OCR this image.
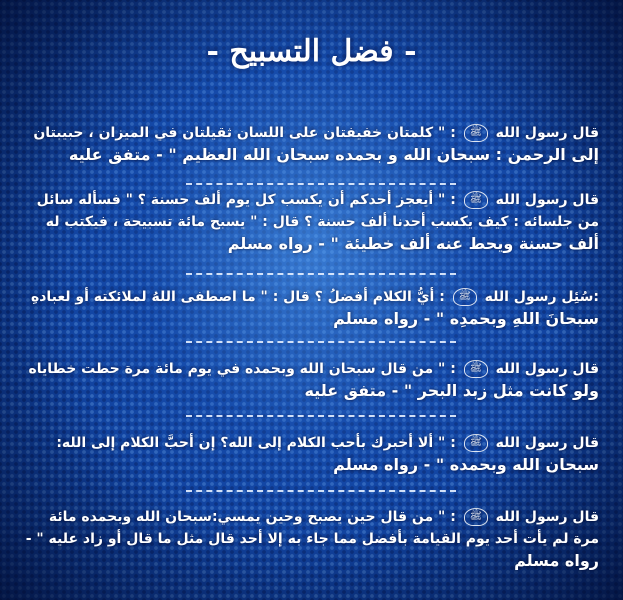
- فضل التسبيح -
قال رسول الله ﷺ : " كلمتان خفيفتان على اللسان ثقيلتان في الميزان ، حبيبتان
إلى الرحمن : سبحان الله و بحمده سبحان الله العظيم " - متفق عليه
قال رسول الله ﷺ : " أيعجز أحدكم أن يكسب كل يوم ألف حسنة ؟ " فسأله سائل
من جلسائه : كيف يكسب أحدنا ألف حسنة ؟ قال : " يسبح مائة تسبيحة ، فيكتب له
ألف حسنة ويحط عنه ألف خطيئة " - رواه مسلم
:سُئِل رسول الله ﷺ : أيُّ الكلام أفضلُ ؟ قال : " ما اصطفى اللهُ لملائكته أو لعبادهِ
سبحانَ اللهِ وبحمدِه " - رواه مسلم
قال رسول الله ﷺ : " من قال سبحان الله وبحمده في يوم مائة مرة حطت خطاياه
ولو كانت مثل زبد البحر " - متفق عليه
قال رسول الله ﷺ : " ألا أخبرك بأحب الكلام إلى الله؟ إن أحبَّ الكلام إلى الله:
سبحان الله وبحمده " - رواه مسلم
قال رسول الله ﷺ : " من قال حين يصبح وحين يمسي:سبحان الله وبحمده مائة
مرة لم يأت أحد يوم القيامة بأفضل مما جاء به إلا أحد قال مثل ما قال أو زاد عليه " -
رواه مسلم
